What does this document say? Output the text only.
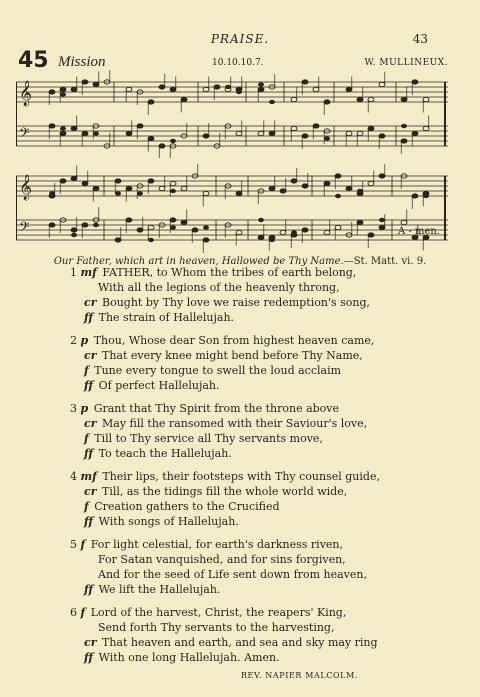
PRAISE.	43
45 Mission	10.10.10.7.	W. MULLINEUX.
𝄞
𝄢
𝄞
𝄢	A - men.
Our Father, which art in heaven, Hallowed be Thy Name.—St. Matt. vi. 9.
1 mf FATHER, to Whom the tribes of earth belong,
With all the legions of the heavenly throng,
cr Bought by Thy love we raise redemption's song,
ff The strain of Hallelujah.
2 p Thou, Whose dear Son from highest heaven came,
cr That every knee might bend before Thy Name,
f Tune every tongue to swell the loud acclaim
ff Of perfect Hallelujah.
3 p Grant that Thy Spirit from the throne above
cr May fill the ransomed with their Saviour's love,
f Till to Thy service all Thy servants move,
ff To teach the Hallelujah.
4 mf Their lips, their footsteps with Thy counsel guide,
cr Till, as the tidings fill the whole world wide,
f Creation gathers to the Crucified
ff With songs of Hallelujah.
5 f For light celestial, for earth's darkness riven,
For Satan vanquished, and for sins forgiven,
And for the seed of Life sent down from heaven,
ff We lift the Hallelujah.
6 f Lord of the harvest, Christ, the reapers' King,
Send forth Thy servants to the harvesting,
cr That heaven and earth, and sea and sky may ring
ff With one long Hallelujah. Amen.
REV. NAPIER MALCOLM.
